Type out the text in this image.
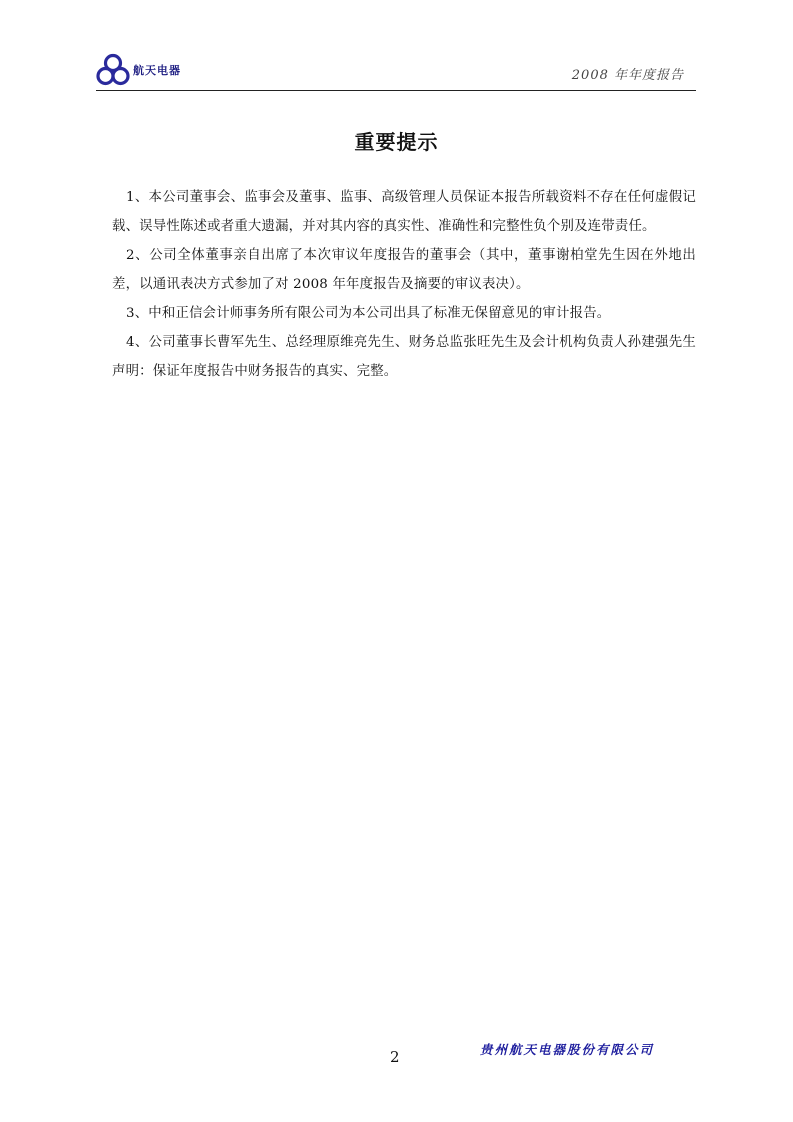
航天电器	2008 年年度报告
重要提示

1、本公司董事会、监事会及董事、监事、高级管理人员保证本报告所载资料不存在任何虚假记载、误导性陈述或者重大遗漏，并对其内容的真实性、准确性和完整性负个别及连带责任。

2、公司全体董事亲自出席了本次审议年度报告的董事会（其中，董事谢柏堂先生因在外地出差，以通讯表决方式参加了对 2008 年年度报告及摘要的审议表决）。

3、中和正信会计师事务所有限公司为本公司出具了标准无保留意见的审计报告。

4、公司董事长曹军先生、总经理原维亮先生、财务总监张旺先生及会计机构负责人孙建强先生声明：保证年度报告中财务报告的真实、完整。

2	贵州航天电器股份有限公司
